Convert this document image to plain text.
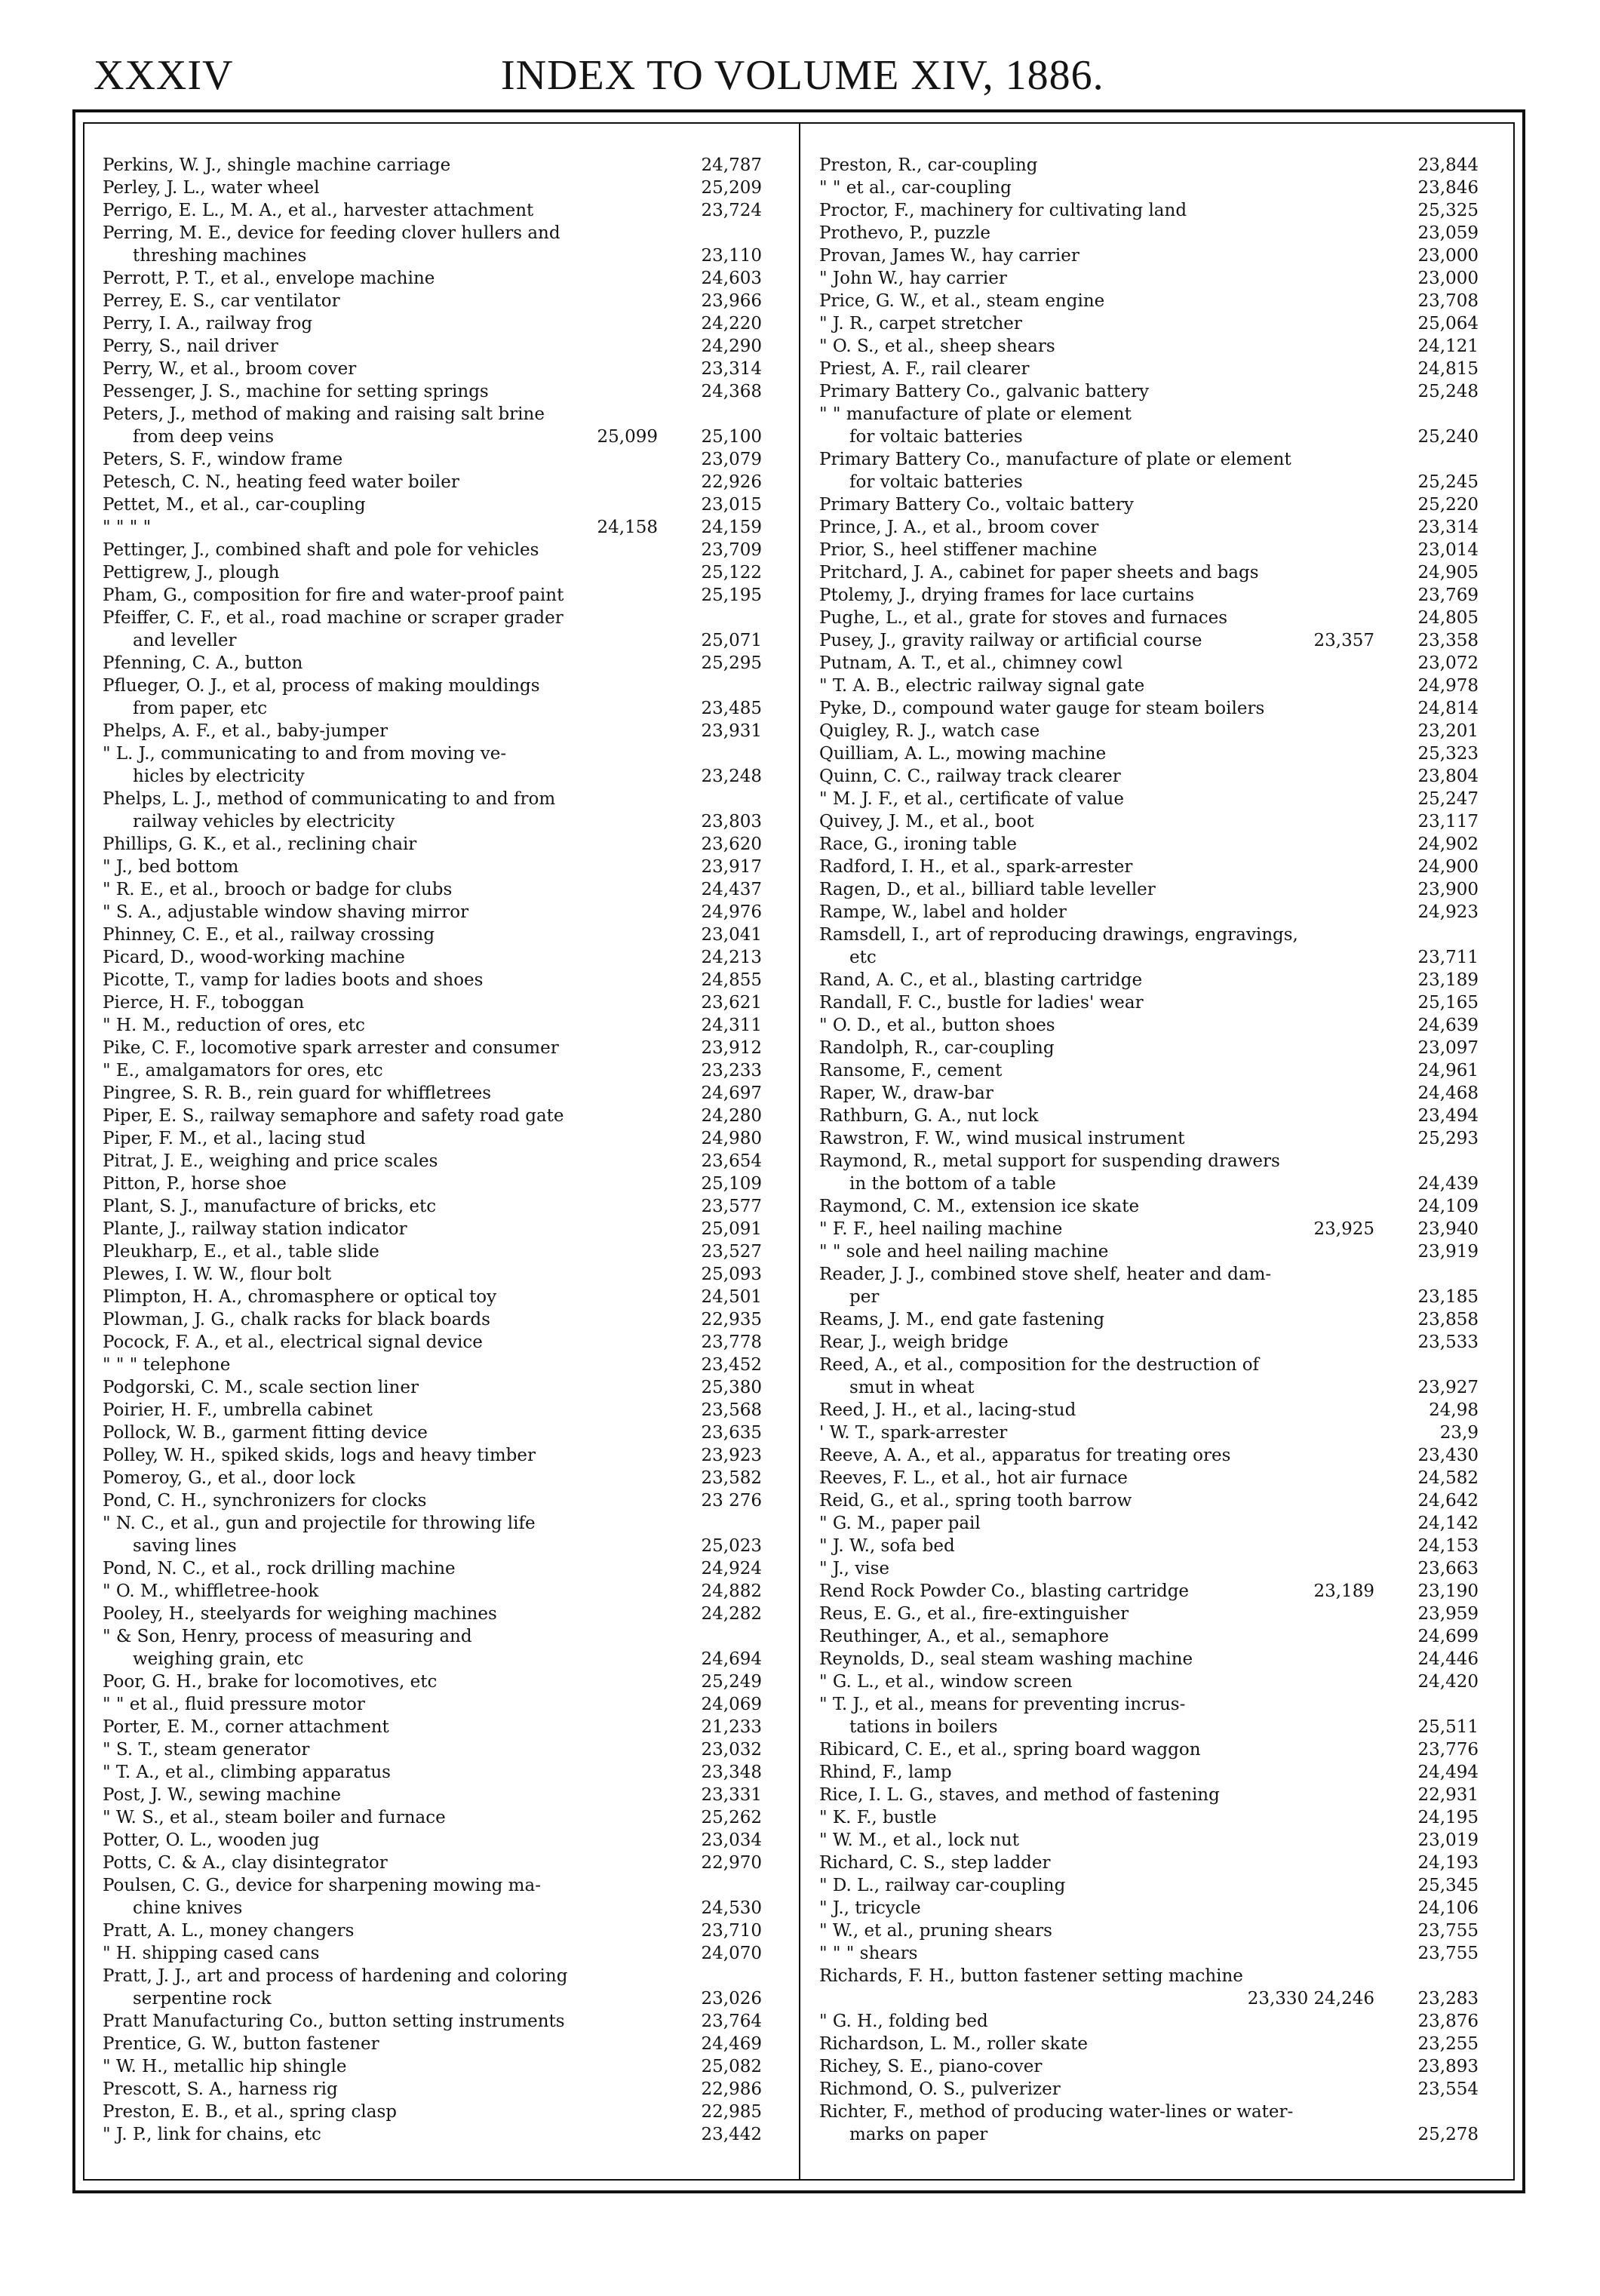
XXXIV	INDEX TO VOLUME XIV, 1886.
Perkins, W. J., shingle machine carriage	24,787
Perley, J. L., water wheel	25,209
Perrigo, E. L., M. A., et al., harvester attachment	23,724
Perring, M. E., device for feeding clover hullers and
threshing machines	23,110
Perrott, P. T., et al., envelope machine	24,603
Perrey, E. S., car ventilator	23,966
Perry, I. A., railway frog	24,220
Perry, S., nail driver	24,290
Perry, W., et al., broom cover	23,314
Pessenger, J. S., machine for setting springs	24,368
Peters, J., method of making and raising salt brine
from deep veins	25,099	25,100
Peters, S. F., window frame	23,079
Petesch, C. N., heating feed water boiler	22,926
Pettet, M., et al., car-coupling	23,015
" " " "	24,158	24,159
Pettinger, J., combined shaft and pole for vehicles	23,709
Pettigrew, J., plough	25,122
Pham, G., composition for fire and water-proof paint	25,195
Pfeiffer, C. F., et al., road machine or scraper grader
and leveller	25,071
Pfenning, C. A., button	25,295
Pflueger, O. J., et al, process of making mouldings
from paper, etc	23,485
Phelps, A. F., et al., baby-jumper	23,931
" L. J., communicating to and from moving ve-
hicles by electricity	23,248
Phelps, L. J., method of communicating to and from
railway vehicles by electricity	23,803
Phillips, G. K., et al., reclining chair	23,620
" J., bed bottom	23,917
" R. E., et al., brooch or badge for clubs	24,437
" S. A., adjustable window shaving mirror	24,976
Phinney, C. E., et al., railway crossing	23,041
Picard, D., wood-working machine	24,213
Picotte, T., vamp for ladies boots and shoes	24,855
Pierce, H. F., toboggan	23,621
" H. M., reduction of ores, etc	24,311
Pike, C. F., locomotive spark arrester and consumer	23,912
" E., amalgamators for ores, etc	23,233
Pingree, S. R. B., rein guard for whiffletrees	24,697
Piper, E. S., railway semaphore and safety road gate	24,280
Piper, F. M., et al., lacing stud	24,980
Pitrat, J. E., weighing and price scales	23,654
Pitton, P., horse shoe	25,109
Plant, S. J., manufacture of bricks, etc	23,577
Plante, J., railway station indicator	25,091
Pleukharp, E., et al., table slide	23,527
Plewes, I. W. W., flour bolt	25,093
Plimpton, H. A., chromasphere or optical toy	24,501
Plowman, J. G., chalk racks for black boards	22,935
Pocock, F. A., et al., electrical signal device	23,778
" " " telephone	23,452
Podgorski, C. M., scale section liner	25,380
Poirier, H. F., umbrella cabinet	23,568
Pollock, W. B., garment fitting device	23,635
Polley, W. H., spiked skids, logs and heavy timber	23,923
Pomeroy, G., et al., door lock	23,582
Pond, C. H., synchronizers for clocks	23 276
" N. C., et al., gun and projectile for throwing life
saving lines	25,023
Pond, N. C., et al., rock drilling machine	24,924
" O. M., whiffletree-hook	24,882
Pooley, H., steelyards for weighing machines	24,282
" & Son, Henry, process of measuring and
weighing grain, etc	24,694
Poor, G. H., brake for locomotives, etc	25,249
" " et al., fluid pressure motor	24,069
Porter, E. M., corner attachment	21,233
" S. T., steam generator	23,032
" T. A., et al., climbing apparatus	23,348
Post, J. W., sewing machine	23,331
" W. S., et al., steam boiler and furnace	25,262
Potter, O. L., wooden jug	23,034
Potts, C. & A., clay disintegrator	22,970
Poulsen, C. G., device for sharpening mowing ma-
chine knives	24,530
Pratt, A. L., money changers	23,710
" H. shipping cased cans	24,070
Pratt, J. J., art and process of hardening and coloring
serpentine rock	23,026
Pratt Manufacturing Co., button setting instruments	23,764
Prentice, G. W., button fastener	24,469
" W. H., metallic hip shingle	25,082
Prescott, S. A., harness rig	22,986
Preston, E. B., et al., spring clasp	22,985
" J. P., link for chains, etc	23,442
Preston, R., car-coupling	23,844
" " et al., car-coupling	23,846
Proctor, F., machinery for cultivating land	25,325
Prothevo, P., puzzle	23,059
Provan, James W., hay carrier	23,000
" John W., hay carrier	23,000
Price, G. W., et al., steam engine	23,708
" J. R., carpet stretcher	25,064
" O. S., et al., sheep shears	24,121
Priest, A. F., rail clearer	24,815
Primary Battery Co., galvanic battery	25,248
" " manufacture of plate or element
for voltaic batteries	25,240
Primary Battery Co., manufacture of plate or element
for voltaic batteries	25,245
Primary Battery Co., voltaic battery	25,220
Prince, J. A., et al., broom cover	23,314
Prior, S., heel stiffener machine	23,014
Pritchard, J. A., cabinet for paper sheets and bags	24,905
Ptolemy, J., drying frames for lace curtains	23,769
Pughe, L., et al., grate for stoves and furnaces	24,805
Pusey, J., gravity railway or artificial course	23,357	23,358
Putnam, A. T., et al., chimney cowl	23,072
" T. A. B., electric railway signal gate	24,978
Pyke, D., compound water gauge for steam boilers	24,814
Quigley, R. J., watch case	23,201
Quilliam, A. L., mowing machine	25,323
Quinn, C. C., railway track clearer	23,804
" M. J. F., et al., certificate of value	25,247
Quivey, J. M., et al., boot	23,117
Race, G., ironing table	24,902
Radford, I. H., et al., spark-arrester	24,900
Ragen, D., et al., billiard table leveller	23,900
Rampe, W., label and holder	24,923
Ramsdell, I., art of reproducing drawings, engravings,
etc	23,711
Rand, A. C., et al., blasting cartridge	23,189
Randall, F. C., bustle for ladies' wear	25,165
" O. D., et al., button shoes	24,639
Randolph, R., car-coupling	23,097
Ransome, F., cement	24,961
Raper, W., draw-bar	24,468
Rathburn, G. A., nut lock	23,494
Rawstron, F. W., wind musical instrument	25,293
Raymond, R., metal support for suspending drawers
in the bottom of a table	24,439
Raymond, C. M., extension ice skate	24,109
" F. F., heel nailing machine	23,925	23,940
" " sole and heel nailing machine	23,919
Reader, J. J., combined stove shelf, heater and dam-
per	23,185
Reams, J. M., end gate fastening	23,858
Rear, J., weigh bridge	23,533
Reed, A., et al., composition for the destruction of
smut in wheat	23,927
Reed, J. H., et al., lacing-stud	24,98
' W. T., spark-arrester	23,9
Reeve, A. A., et al., apparatus for treating ores	23,430
Reeves, F. L., et al., hot air furnace	24,582
Reid, G., et al., spring tooth barrow	24,642
" G. M., paper pail	24,142
" J. W., sofa bed	24,153
" J., vise	23,663
Rend Rock Powder Co., blasting cartridge	23,189	23,190
Reus, E. G., et al., fire-extinguisher	23,959
Reuthinger, A., et al., semaphore	24,699
Reynolds, D., seal steam washing machine	24,446
" G. L., et al., window screen	24,420
" T. J., et al., means for preventing incrus-
tations in boilers	25,511
Ribicard, C. E., et al., spring board waggon	23,776
Rhind, F., lamp	24,494
Rice, I. L. G., staves, and method of fastening	22,931
" K. F., bustle	24,195
" W. M., et al., lock nut	23,019
Richard, C. S., step ladder	24,193
" D. L., railway car-coupling	25,345
" J., tricycle	24,106
" W., et al., pruning shears	23,755
" " " shears	23,755
Richards, F. H., button fastener setting machine
23,330 24,246	23,283
" G. H., folding bed	23,876
Richardson, L. M., roller skate	23,255
Richey, S. E., piano-cover	23,893
Richmond, O. S., pulverizer	23,554
Richter, F., method of producing water-lines or water-
marks on paper	25,278
